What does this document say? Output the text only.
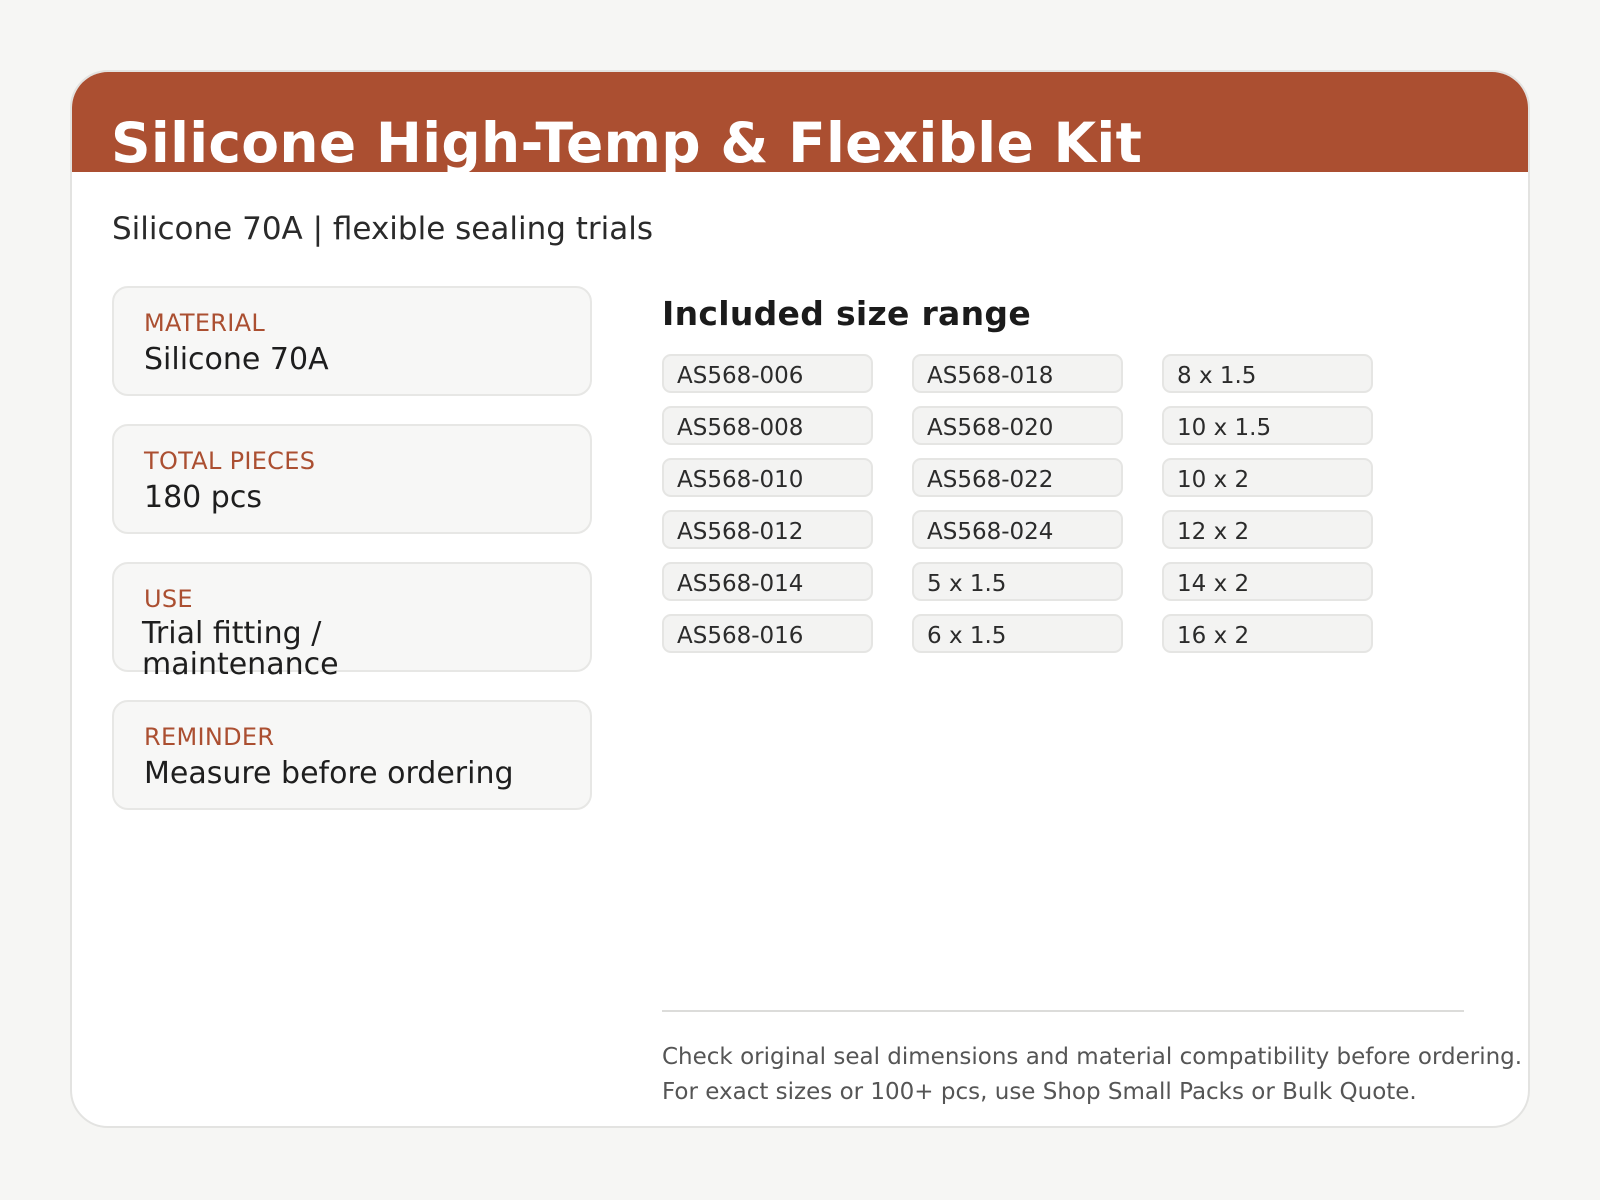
Silicone High-Temp & Flexible Kit
Silicone 70A | flexible sealing trials
MATERIAL
Silicone 70A
TOTAL PIECES
180 pcs
USE
Trial fitting / maintenance
REMINDER
Measure before ordering
Included size range
AS568-006
AS568-008
AS568-010
AS568-012
AS568-014
AS568-016
AS568-018
AS568-020
AS568-022
AS568-024
5 x 1.5
6 x 1.5
8 x 1.5
10 x 1.5
10 x 2
12 x 2
14 x 2
16 x 2
Check original seal dimensions and material compatibility before ordering.
For exact sizes or 100+ pcs, use Shop Small Packs or Bulk Quote.
